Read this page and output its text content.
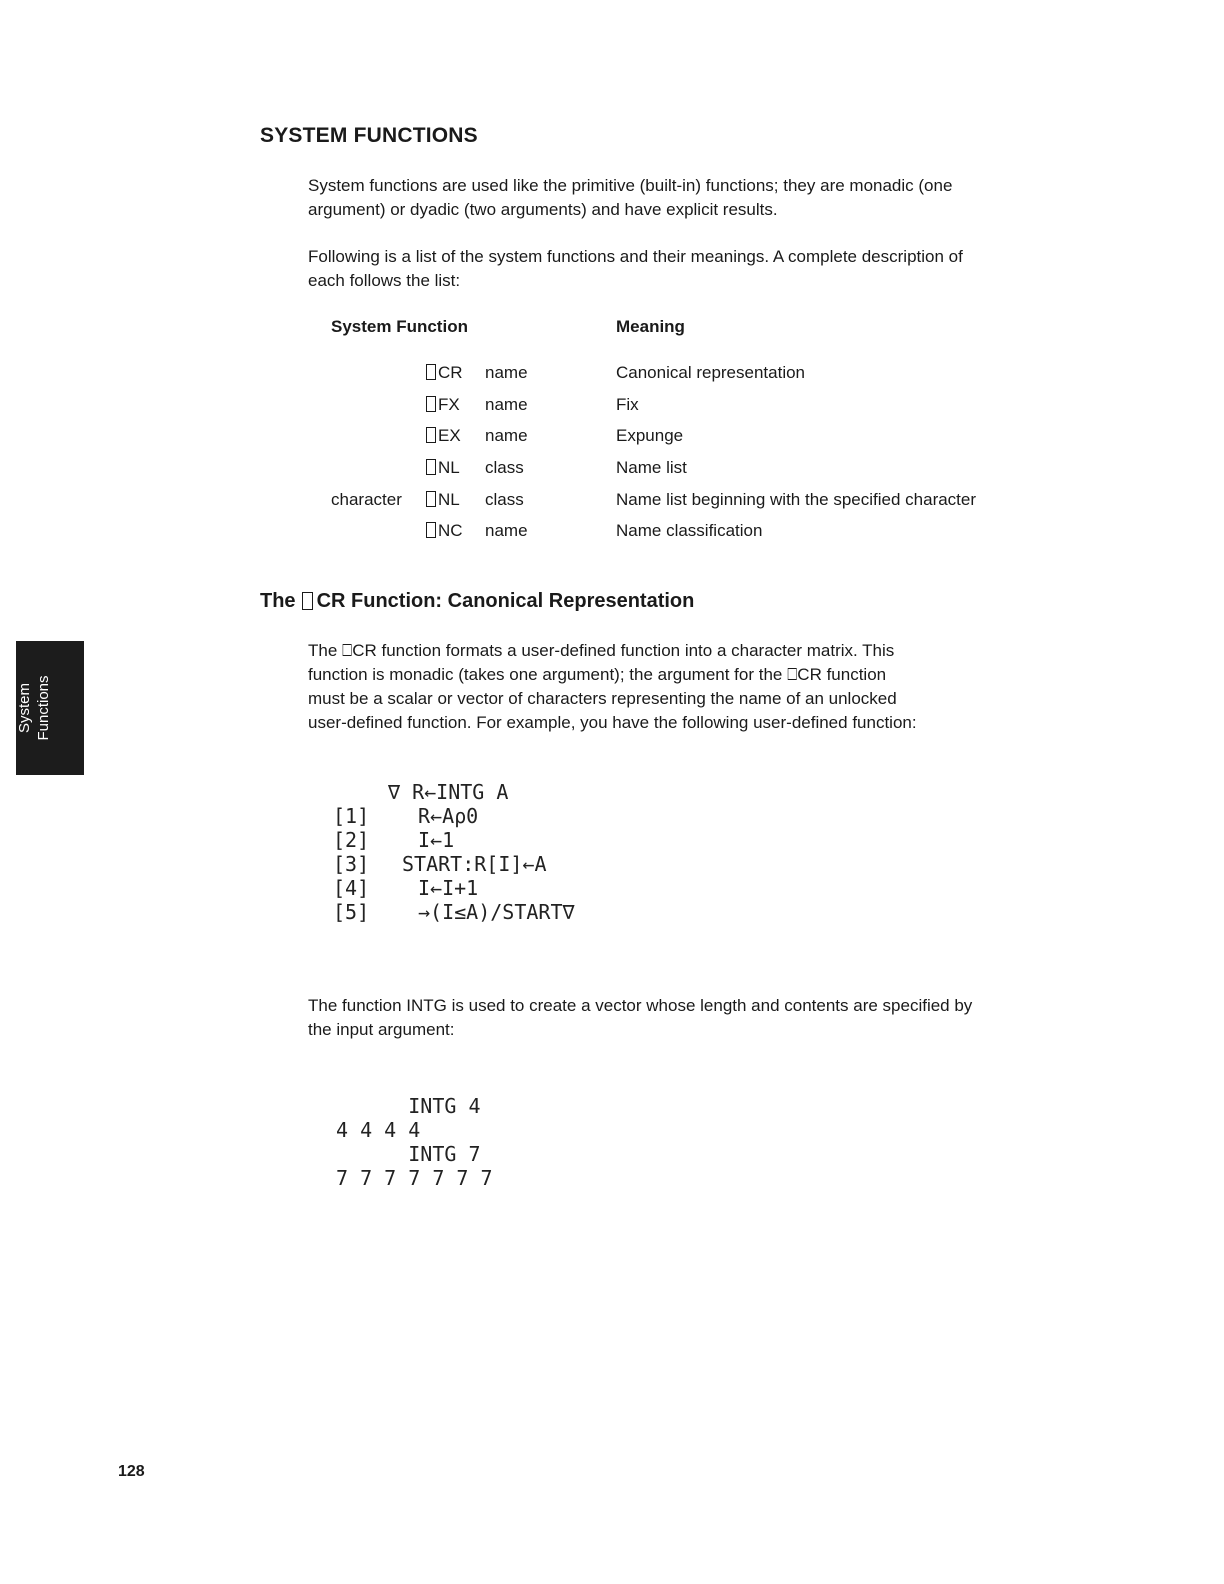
SYSTEM FUNCTIONS

System functions are used like the primitive (built-in) functions; they are monadic (one argument) or dyadic (two arguments) and have explicit results.

Following is a list of the system functions and their meanings. A complete description of each follows the list:

System Function	Meaning
CR name	Canonical representation
FX name	Fix
EX name	Expunge
NL class	Name list
character	NL class	Name list beginning with the specified character
NC name	Name classification
The CR Function: Canonical Representation

The ⎕CR function formats a user-defined function into a character matrix. This
function is monadic (takes one argument); the argument for the ⎕CR function
must be a scalar or vector of characters representing the name of an unlocked
user-defined function. For example, you have the following user-defined function:

∇ R←INTG A
[1] R←A⍴0
[2] I←1
[3] START:R[I]←A
[4] I←I+1
[5] →(I≤A)/START∇

The function INTG is used to create a vector whose length and contents are specified by the input argument:

INTG 4
4 4 4 4
INTG 7
7 7 7 7 7 7 7
System Functions
128
